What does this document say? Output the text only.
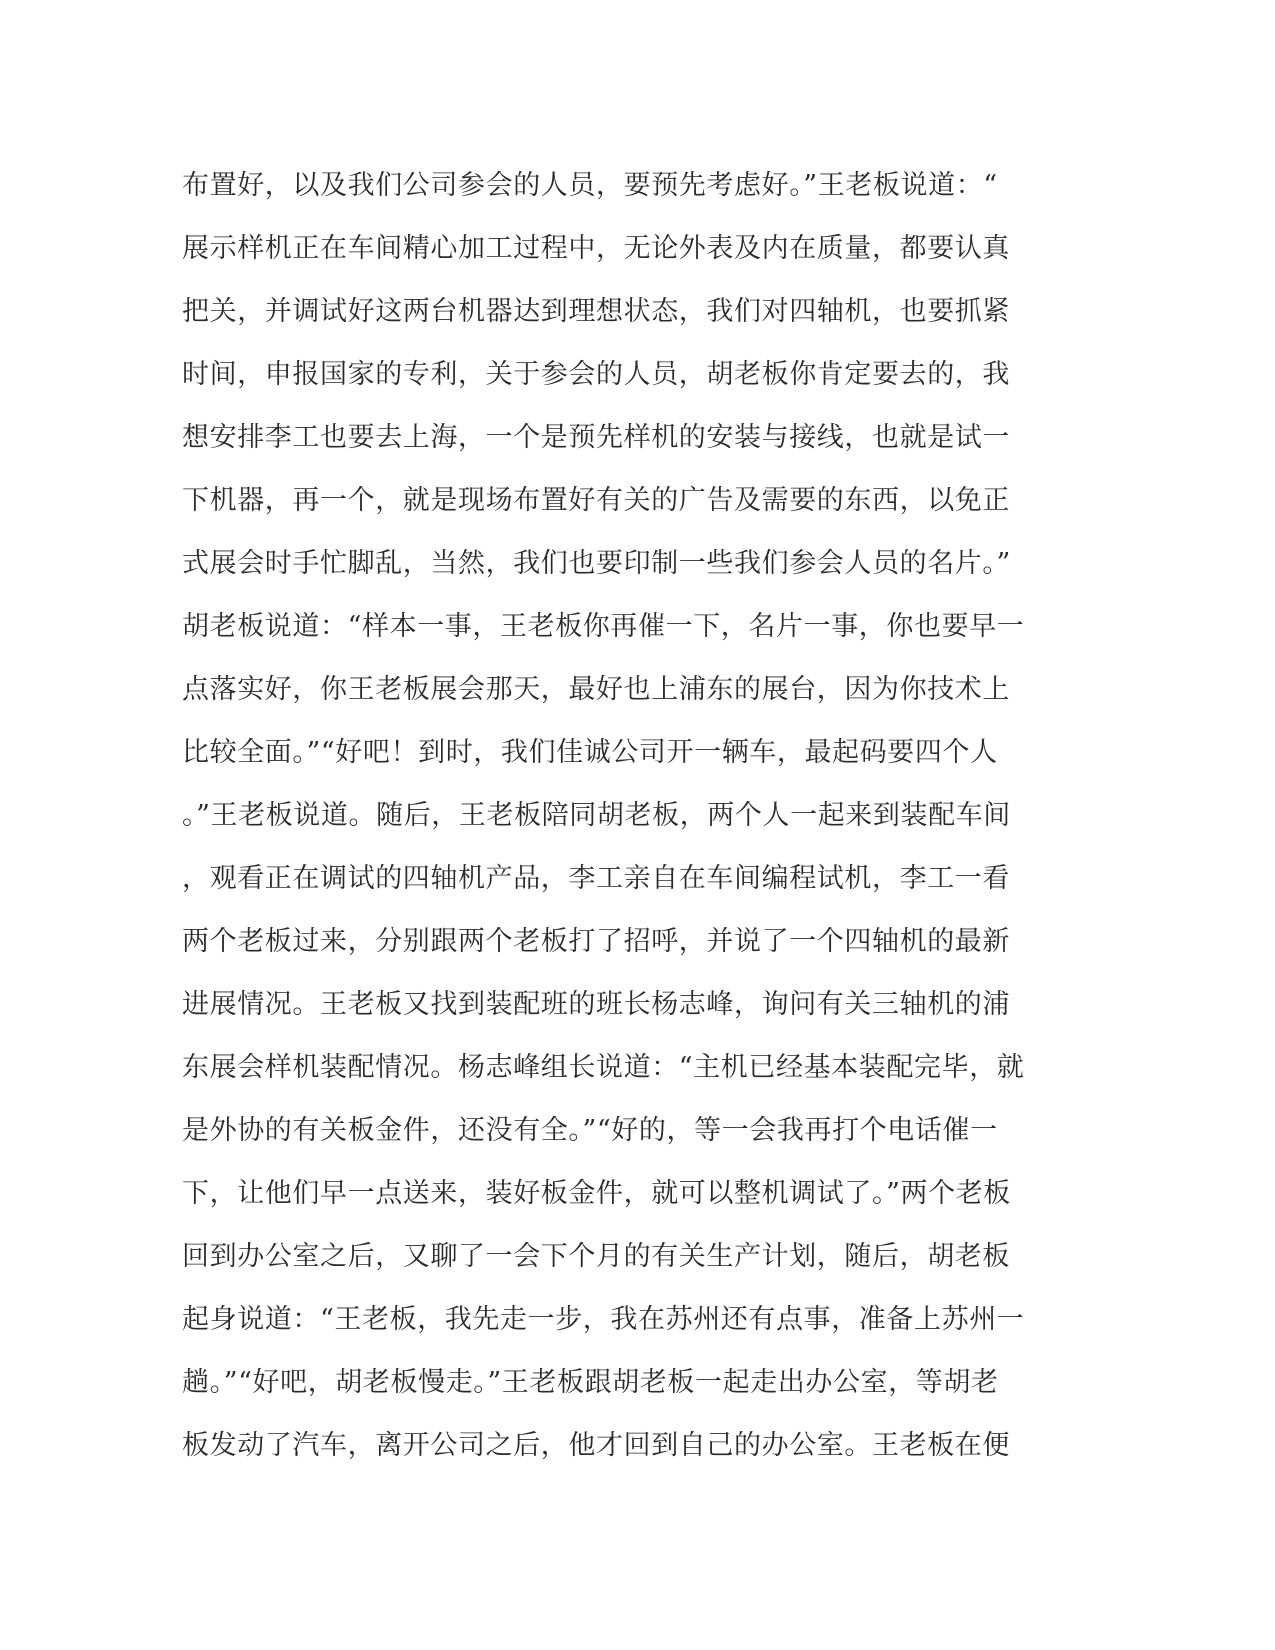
布置好，以及我们公司参会的人员，要预先考虑好。”王老板说道：“
展示样机正在车间精心加工过程中，无论外表及内在质量，都要认真
把关，并调试好这两台机器达到理想状态，我们对四轴机，也要抓紧
时间，申报国家的专利，关于参会的人员，胡老板你肯定要去的，我
想安排李工也要去上海，一个是预先样机的安装与接线，也就是试一
下机器，再一个，就是现场布置好有关的广告及需要的东西，以免正
式展会时手忙脚乱，当然，我们也要印制一些我们参会人员的名片。”
胡老板说道：“样本一事，王老板你再催一下，名片一事，你也要早一
点落实好，你王老板展会那天，最好也上浦东的展台，因为你技术上
比较全面。”“好吧！到时，我们佳诚公司开一辆车，最起码要四个人
。”王老板说道。随后，王老板陪同胡老板，两个人一起来到装配车间
，观看正在调试的四轴机产品，李工亲自在车间编程试机，李工一看
两个老板过来，分别跟两个老板打了招呼，并说了一个四轴机的最新
进展情况。王老板又找到装配班的班长杨志峰，询问有关三轴机的浦
东展会样机装配情况。杨志峰组长说道：“主机已经基本装配完毕，就
是外协的有关板金件，还没有全。”“好的，等一会我再打个电话催一
下，让他们早一点送来，装好板金件，就可以整机调试了。”两个老板
回到办公室之后，又聊了一会下个月的有关生产计划，随后，胡老板
起身说道：“王老板，我先走一步，我在苏州还有点事，准备上苏州一
趟。”“好吧，胡老板慢走。”王老板跟胡老板一起走出办公室，等胡老
板发动了汽车，离开公司之后，他才回到自己的办公室。王老板在便
